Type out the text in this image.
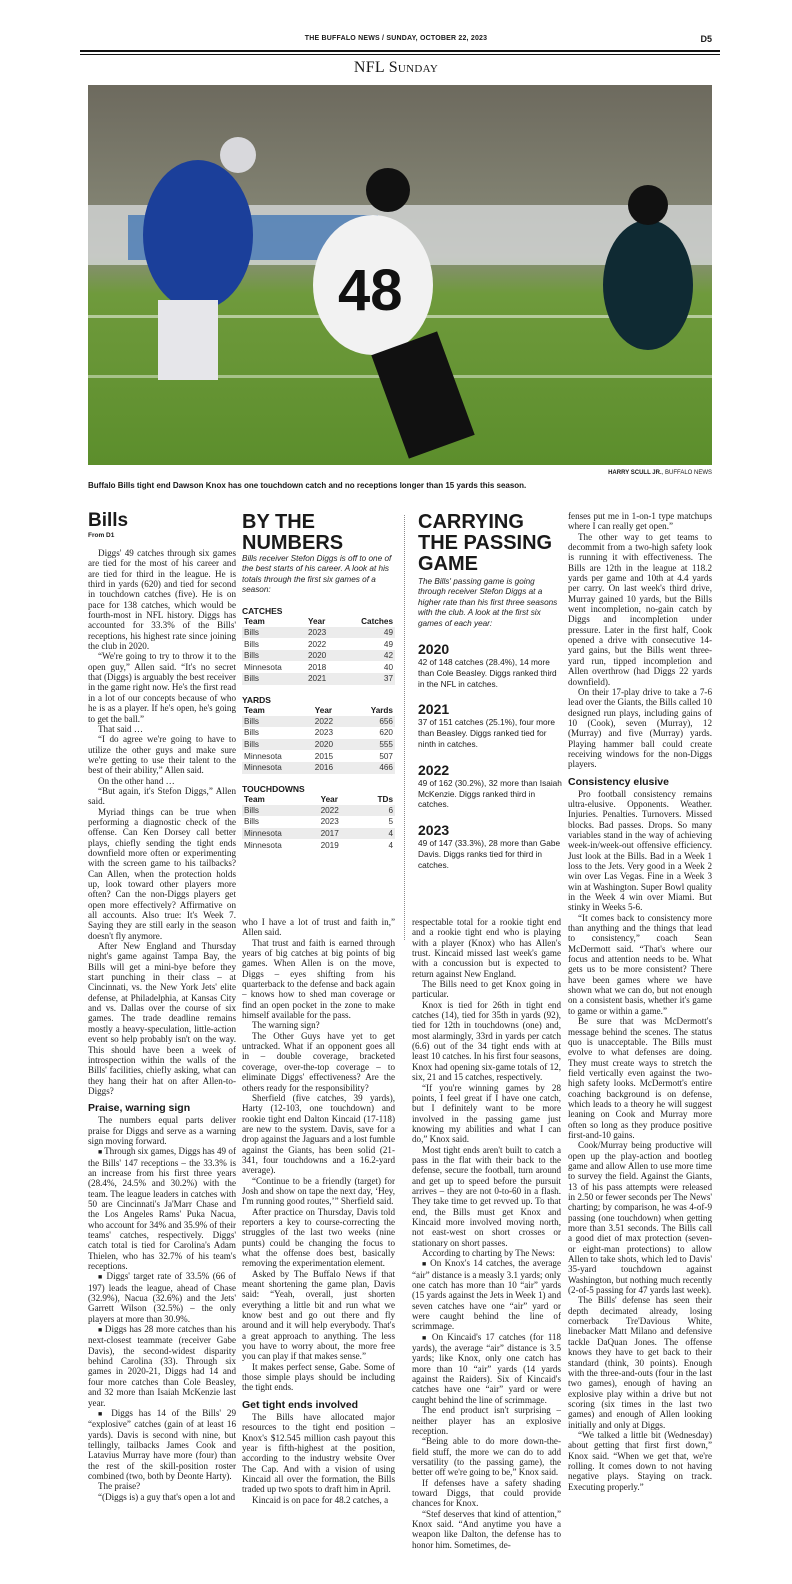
THE BUFFALO NEWS / SUNDAY, OCTOBER 22, 2023	D5
NFL Sunday
48
HARRY SCULL JR., BUFFALO NEWS
Buffalo Bills tight end Dawson Knox has one touchdown catch and no receptions longer than 15 yards this season.
Bills
From D1

Diggs' 49 catches through six games are tied for the most of his career and are tied for third in the league. He is third in yards (620) and tied for second in touchdown catches (five). He is on pace for 138 catches, which would be fourth-most in NFL history. Diggs has accounted for 33.3% of the Bills' receptions, his highest rate since joining the club in 2020.

“We're going to try to throw it to the open guy,” Allen said. “It's no secret that (Diggs) is arguably the best receiver in the game right now. He's the first read in a lot of our concepts because of who he is as a player. If he's open, he's going to get the ball.”

That said …

“I do agree we're going to have to utilize the other guys and make sure we're getting to use their talent to the best of their ability,” Allen said.

On the other hand …

“But again, it's Stefon Diggs,” Allen said.

Myriad things can be true when performing a diagnostic check of the offense. Can Ken Dorsey call better plays, chiefly sending the tight ends downfield more often or experimenting with the screen game to his tailbacks? Can Allen, when the protection holds up, look toward other players more often? Can the non-Diggs players get open more effectively? Affirmative on all accounts. Also true: It's Week 7. Saying they are still early in the season doesn't fly anymore.

After New England and Thursday night's game against Tampa Bay, the Bills will get a mini-bye before they start punching in their class – at Cincinnati, vs. the New York Jets' elite defense, at Philadelphia, at Kansas City and vs. Dallas over the course of six games. The trade deadline remains mostly a heavy-speculation, little-action event so help probably isn't on the way. This should have been a week of introspection within the walls of the Bills' facilities, chiefly asking, what can they hang their hat on after Allen-to-Diggs?

Praise, warning sign

The numbers equal parts deliver praise for Diggs and serve as a warning sign moving forward.

■ Through six games, Diggs has 49 of the Bills' 147 receptions – the 33.3% is an increase from his first three years (28.4%, 24.5% and 30.2%) with the team. The league leaders in catches with 50 are Cincinnati's Ja'Marr Chase and the Los Angeles Rams' Puka Nacua, who account for 34% and 35.9% of their teams' catches, respectively. Diggs' catch total is tied for Carolina's Adam Thielen, who has 32.7% of his team's receptions.

■ Diggs' target rate of 33.5% (66 of 197) leads the league, ahead of Chase (32.9%), Nacua (32.6%) and the Jets' Garrett Wilson (32.5%) – the only players at more than 30.9%.

■ Diggs has 28 more catches than his next-closest teammate (receiver Gabe Davis), the second-widest disparity behind Carolina (33). Through six games in 2020-21, Diggs had 14 and four more catches than Cole Beasley, and 32 more than Isaiah McKenzie last year.

■ Diggs has 14 of the Bills' 29 “explosive” catches (gain of at least 16 yards). Davis is second with nine, but tellingly, tailbacks James Cook and Latavius Murray have more (four) than the rest of the skill-position roster combined (two, both by Deonte Harty).

The praise?

“(Diggs is) a guy that's open a lot and

BY THE NUMBERS
Bills receiver Stefon Diggs is off to one of the best starts of his career. A look at his totals through the first six games of a season:
CATCHES
Team	Year	Catches
Bills	2023	49
Bills	2022	49
Bills	2020	42
Minnesota	2018	40
Bills	2021	37
YARDS
Team	Year	Yards
Bills	2022	656
Bills	2023	620
Bills	2020	555
Minnesota	2015	507
Minnesota	2016	466
TOUCHDOWNS
Team	Year	TDs
Bills	2022	6
Bills	2023	5
Minnesota	2017	4
Minnesota	2019	4
CARRYING THE PASSING GAME
The Bills' passing game is going through receiver Stefon Diggs at a higher rate than his first three seasons with the club. A look at the first six games of each year:
2020
42 of 148 catches (28.4%), 14 more than Cole Beasley. Diggs ranked third in the NFL in catches.
2021
37 of 151 catches (25.1%), four more than Beasley. Diggs ranked tied for ninth in catches.
2022
49 of 162 (30.2%), 32 more than Isaiah McKenzie. Diggs ranked third in catches.
2023
49 of 147 (33.3%), 28 more than Gabe Davis. Diggs ranks tied for third in catches.

who I have a lot of trust and faith in,” Allen said.

That trust and faith is earned through years of big catches at big points of big games. When Allen is on the move, Diggs – eyes shifting from his quarterback to the defense and back again – knows how to shed man coverage or find an open pocket in the zone to make himself available for the pass.

The warning sign?

The Other Guys have yet to get untracked. What if an opponent goes all in – double coverage, bracketed coverage, over-the-top coverage – to eliminate Diggs' effectiveness? Are the others ready for the responsibility?

Sherfield (five catches, 39 yards), Harty (12-103, one touchdown) and rookie tight end Dalton Kincaid (17-118) are new to the system. Davis, save for a drop against the Jaguars and a lost fumble against the Giants, has been solid (21-341, four touchdowns and a 16.2-yard average).

“Continue to be a friendly (target) for Josh and show on tape the next day, ‘Hey, I'm running good routes,’” Sherfield said.

After practice on Thursday, Davis told reporters a key to course-correcting the struggles of the last two weeks (nine punts) could be changing the focus to what the offense does best, basically removing the experimentation element.

Asked by The Buffalo News if that meant shortening the game plan, Davis said: “Yeah, overall, just shorten everything a little bit and run what we know best and go out there and fly around and it will help everybody. That's a great approach to anything. The less you have to worry about, the more free you can play if that makes sense.”

It makes perfect sense, Gabe. Some of those simple plays should be including the tight ends.

Get tight ends involved

The Bills have allocated major resources to the tight end position – Knox's $12.545 million cash payout this year is fifth-highest at the position, according to the industry website Over The Cap. And with a vision of using Kincaid all over the formation, the Bills traded up two spots to draft him in April.

Kincaid is on pace for 48.2 catches, a

respectable total for a rookie tight end and a rookie tight end who is playing with a player (Knox) who has Allen's trust. Kincaid missed last week's game with a concussion but is expected to return against New England.

The Bills need to get Knox going in particular.

Knox is tied for 26th in tight end catches (14), tied for 35th in yards (92), tied for 12th in touchdowns (one) and, most alarmingly, 33rd in yards per catch (6.6) out of the 34 tight ends with at least 10 catches. In his first four seasons, Knox had opening six-game totals of 12, six, 21 and 15 catches, respectively.

“If you're winning games by 28 points, I feel great if I have one catch, but I definitely want to be more involved in the passing game just knowing my abilities and what I can do,” Knox said.

Most tight ends aren't built to catch a pass in the flat with their back to the defense, secure the football, turn around and get up to speed before the pursuit arrives – they are not 0-to-60 in a flash. They take time to get revved up. To that end, the Bills must get Knox and Kincaid more involved moving north, not east-west on short crosses or stationary on short passes.

According to charting by The News:

■ On Knox's 14 catches, the average “air” distance is a measly 3.1 yards; only one catch has more than 10 “air” yards (15 yards against the Jets in Week 1) and seven catches have one “air” yard or were caught behind the line of scrimmage.

■ On Kincaid's 17 catches (for 118 yards), the average “air” distance is 3.5 yards; like Knox, only one catch has more than 10 “air” yards (14 yards against the Raiders). Six of Kincaid's catches have one “air” yard or were caught behind the line of scrimmage.

The end product isn't surprising – neither player has an explosive reception.

“Being able to do more down-the-field stuff, the more we can do to add versatility (to the passing game), the better off we're going to be,” Knox said.

If defenses have a safety shading toward Diggs, that could provide chances for Knox.

“Stef deserves that kind of attention,” Knox said. “And anytime you have a weapon like Dalton, the defense has to honor him. Sometimes, de-

fenses put me in 1-on-1 type matchups where I can really get open.”

The other way to get teams to decommit from a two-high safety look is running it with effectiveness. The Bills are 12th in the league at 118.2 yards per game and 10th at 4.4 yards per carry. On last week's third drive, Murray gained 10 yards, but the Bills went incompletion, no-gain catch by Diggs and incompletion under pressure. Later in the first half, Cook opened a drive with consecutive 14-yard gains, but the Bills went three-yard run, tipped incompletion and Allen overthrow (had Diggs 22 yards downfield).

On their 17-play drive to take a 7-6 lead over the Giants, the Bills called 10 designed run plays, including gains of 10 (Cook), seven (Murray), 12 (Murray) and five (Murray) yards. Playing hammer ball could create receiving windows for the non-Diggs players.

Consistency elusive

Pro football consistency remains ultra-elusive. Opponents. Weather. Injuries. Penalties. Turnovers. Missed blocks. Bad passes. Drops. So many variables stand in the way of achieving week-in/week-out offensive efficiency. Just look at the Bills. Bad in a Week 1 loss to the Jets. Very good in a Week 2 win over Las Vegas. Fine in a Week 3 win at Washington. Super Bowl quality in the Week 4 win over Miami. But stinky in Weeks 5-6.

“It comes back to consistency more than anything and the things that lead to consistency,” coach Sean McDermott said. “That's where our focus and attention needs to be. What gets us to be more consistent? There have been games where we have shown what we can do, but not enough on a consistent basis, whether it's game to game or within a game.”

Be sure that was McDermott's message behind the scenes. The status quo is unacceptable. The Bills must evolve to what defenses are doing. They must create ways to stretch the field vertically even against the two-high safety looks. McDermott's entire coaching background is on defense, which leads to a theory he will suggest leaning on Cook and Murray more often so long as they produce positive first-and-10 gains.

Cook/Murray being productive will open up the play-action and bootleg game and allow Allen to use more time to survey the field. Against the Giants, 13 of his pass attempts were released in 2.50 or fewer seconds per The News' charting; by comparison, he was 4-of-9 passing (one touchdown) when getting more than 3.51 seconds. The Bills call a good diet of max protection (seven- or eight-man protections) to allow Allen to take shots, which led to Davis' 35-yard touchdown against Washington, but nothing much recently (2-of-5 passing for 47 yards last week).

The Bills' defense has seen their depth decimated already, losing cornerback Tre'Davious White, linebacker Matt Milano and defensive tackle DaQuan Jones. The offense knows they have to get back to their standard (think, 30 points). Enough with the three-and-outs (four in the last two games), enough of having an explosive play within a drive but not scoring (six times in the last two games) and enough of Allen looking initially and only at Diggs.

“We talked a little bit (Wednesday) about getting that first first down,” Knox said. “When we get that, we're rolling. It comes down to not having negative plays. Staying on track. Executing properly.”
